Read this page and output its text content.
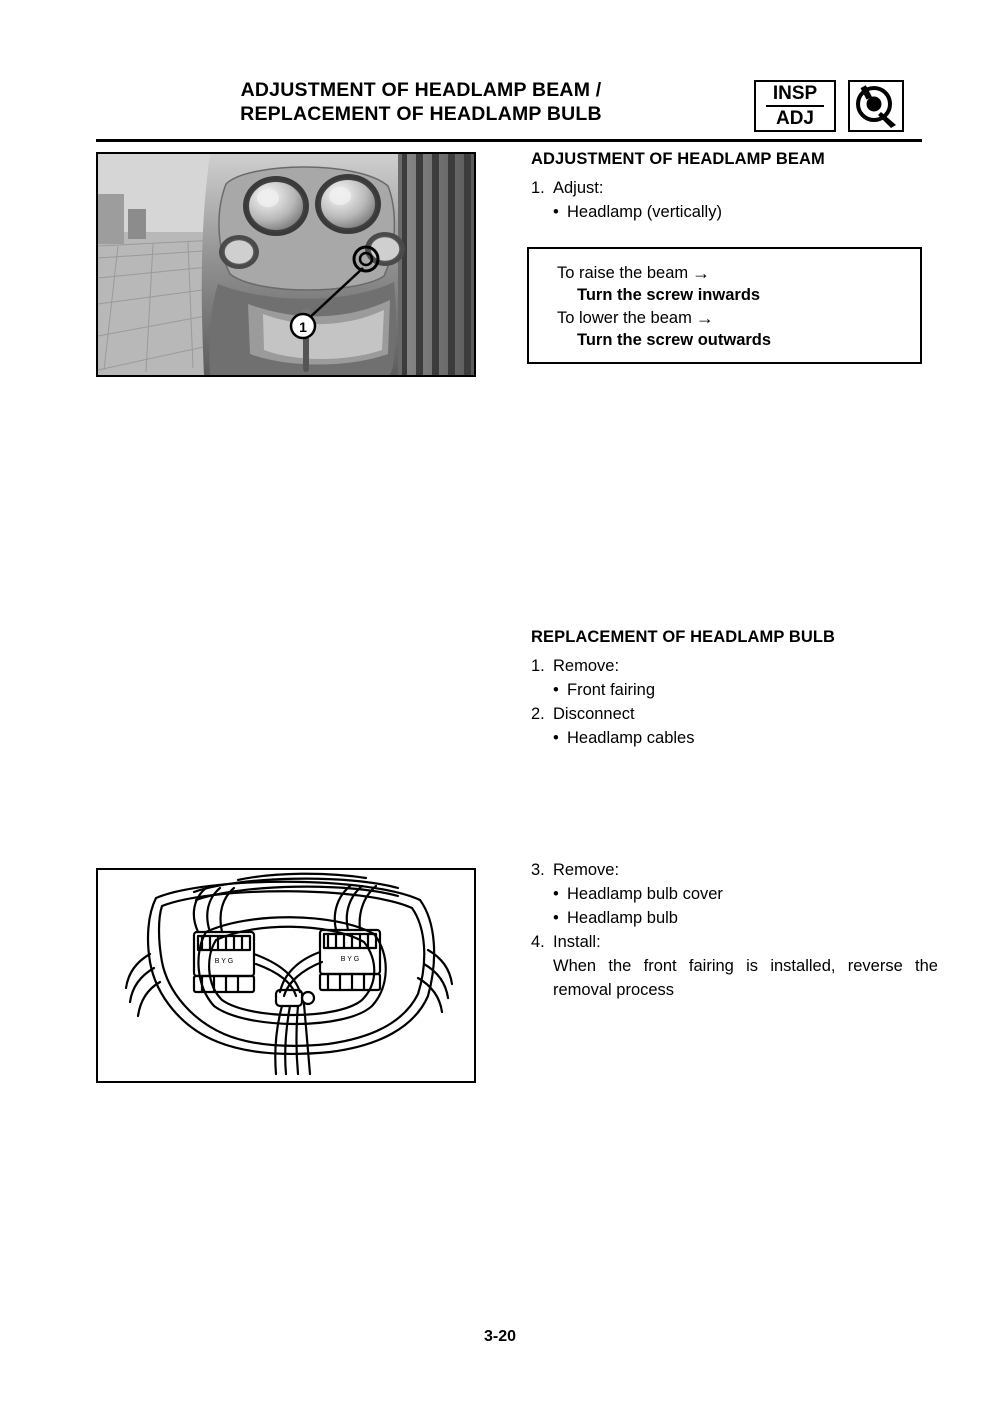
ADJUSTMENT OF HEADLAMP BEAM /
REPLACEMENT OF HEADLAMP BULB
INSP
ADJ
1
ADJUSTMENT OF HEADLAMP BEAM
1. Adjust:
• Headlamp (vertically)
To raise the beam →
Turn the screw inwards
To lower the beam →
Turn the screw outwards
REPLACEMENT OF HEADLAMP BULB
1. Remove:
• Front fairing
2. Disconnect
• Headlamp cables
3. Remove:
• Headlamp bulb cover
• Headlamp bulb
4. Install:
When the front fairing is installed, reverse the removal process
B Y G	B Y G
3-20
